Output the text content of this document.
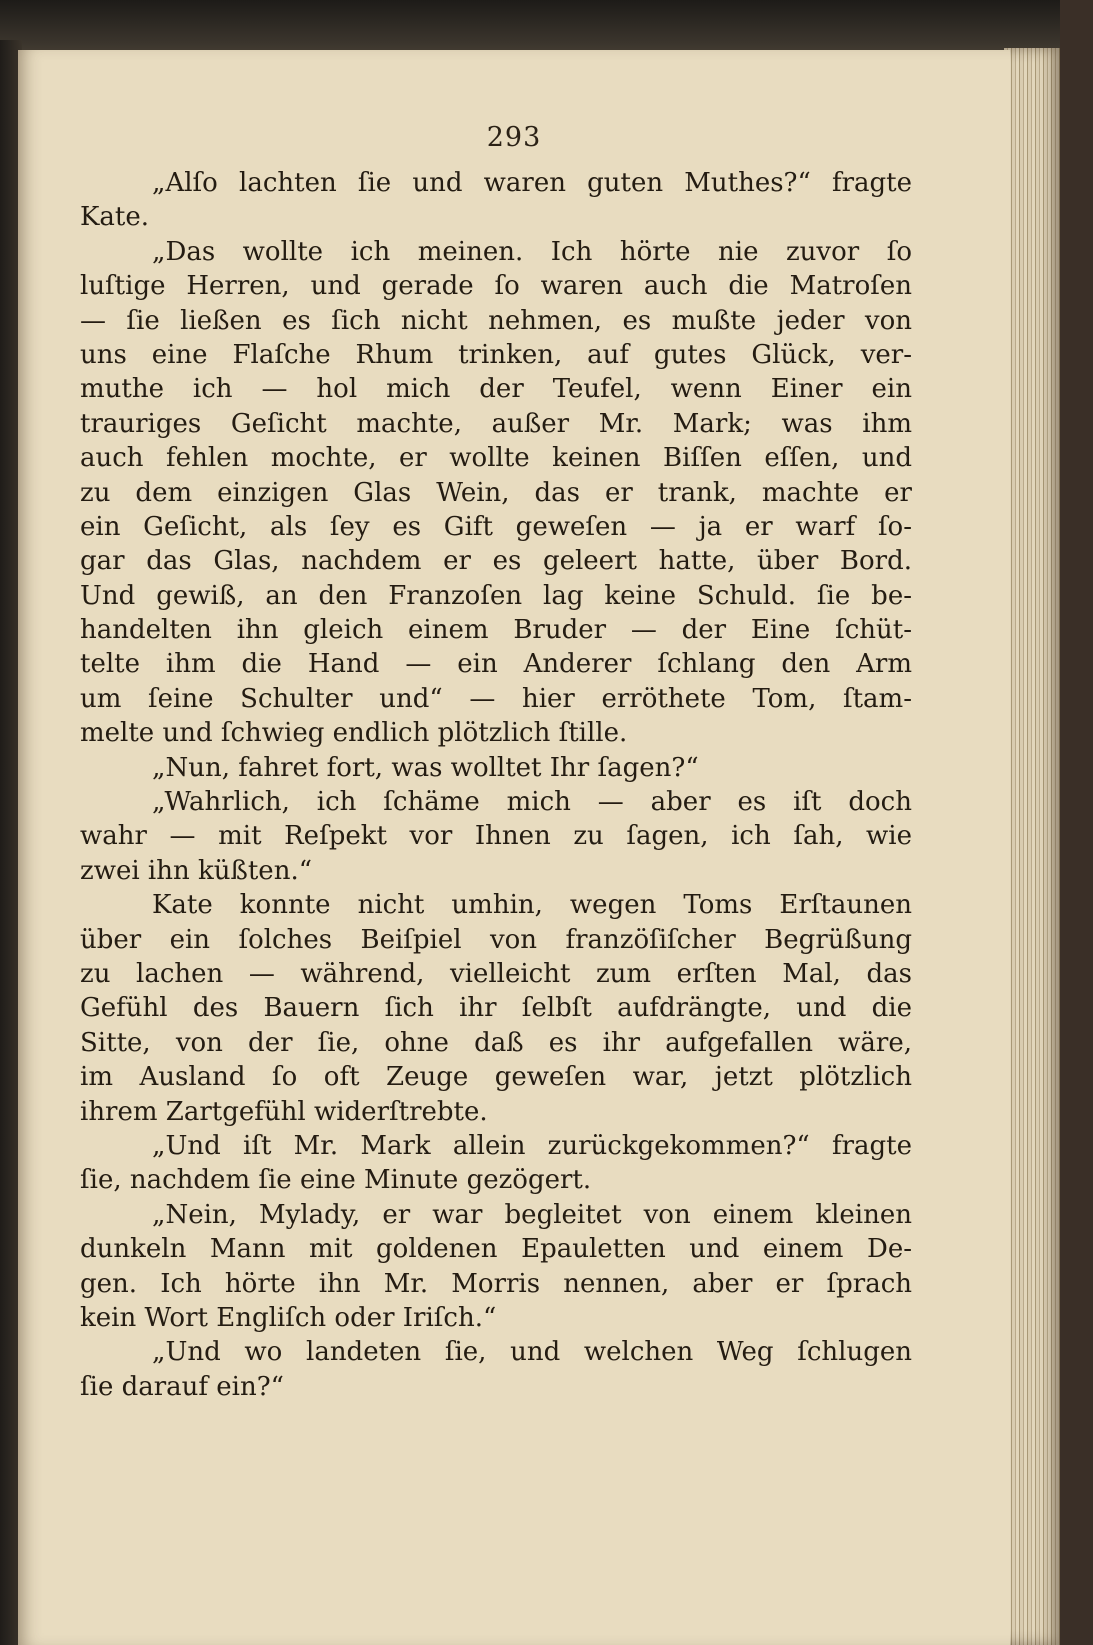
293
„Alſo lachten ſie und waren guten Muthes?“ fragte
Kate.
„Das wollte ich meinen. Ich hörte nie zuvor ſo
luſtige Herren, und gerade ſo waren auch die Matroſen
— ſie ließen es ſich nicht nehmen, es mußte jeder von
uns eine Flaſche Rhum trinken, auf gutes Glück, ver-
muthe ich — hol mich der Teufel, wenn Einer ein
trauriges Geſicht machte, außer Mr. Mark; was ihm
auch fehlen mochte, er wollte keinen Biſſen eſſen, und
zu dem einzigen Glas Wein, das er trank, machte er
ein Geſicht, als ſey es Gift geweſen — ja er warf ſo-
gar das Glas, nachdem er es geleert hatte, über Bord.
Und gewiß, an den Franzoſen lag keine Schuld. ſie be-
handelten ihn gleich einem Bruder — der Eine ſchüt-
telte ihm die Hand — ein Anderer ſchlang den Arm
um ſeine Schulter und“ — hier erröthete Tom, ſtam-
melte und ſchwieg endlich plötzlich ſtille.
„Nun, fahret fort, was wolltet Ihr ſagen?“
„Wahrlich, ich ſchäme mich — aber es iſt doch
wahr — mit Reſpekt vor Ihnen zu ſagen, ich ſah, wie
zwei ihn küßten.“
Kate konnte nicht umhin, wegen Toms Erſtaunen
über ein ſolches Beiſpiel von franzöſiſcher Begrüßung
zu lachen — während, vielleicht zum erſten Mal, das
Gefühl des Bauern ſich ihr ſelbſt aufdrängte, und die
Sitte, von der ſie, ohne daß es ihr aufgefallen wäre,
im Ausland ſo oft Zeuge geweſen war, jetzt plötzlich
ihrem Zartgefühl widerſtrebte.
„Und iſt Mr. Mark allein zurückgekommen?“ fragte
ſie, nachdem ſie eine Minute gezögert.
„Nein, Mylady, er war begleitet von einem kleinen
dunkeln Mann mit goldenen Epauletten und einem De-
gen. Ich hörte ihn Mr. Morris nennen, aber er ſprach
kein Wort Engliſch oder Iriſch.“
„Und wo landeten ſie, und welchen Weg ſchlugen
ſie darauf ein?“
